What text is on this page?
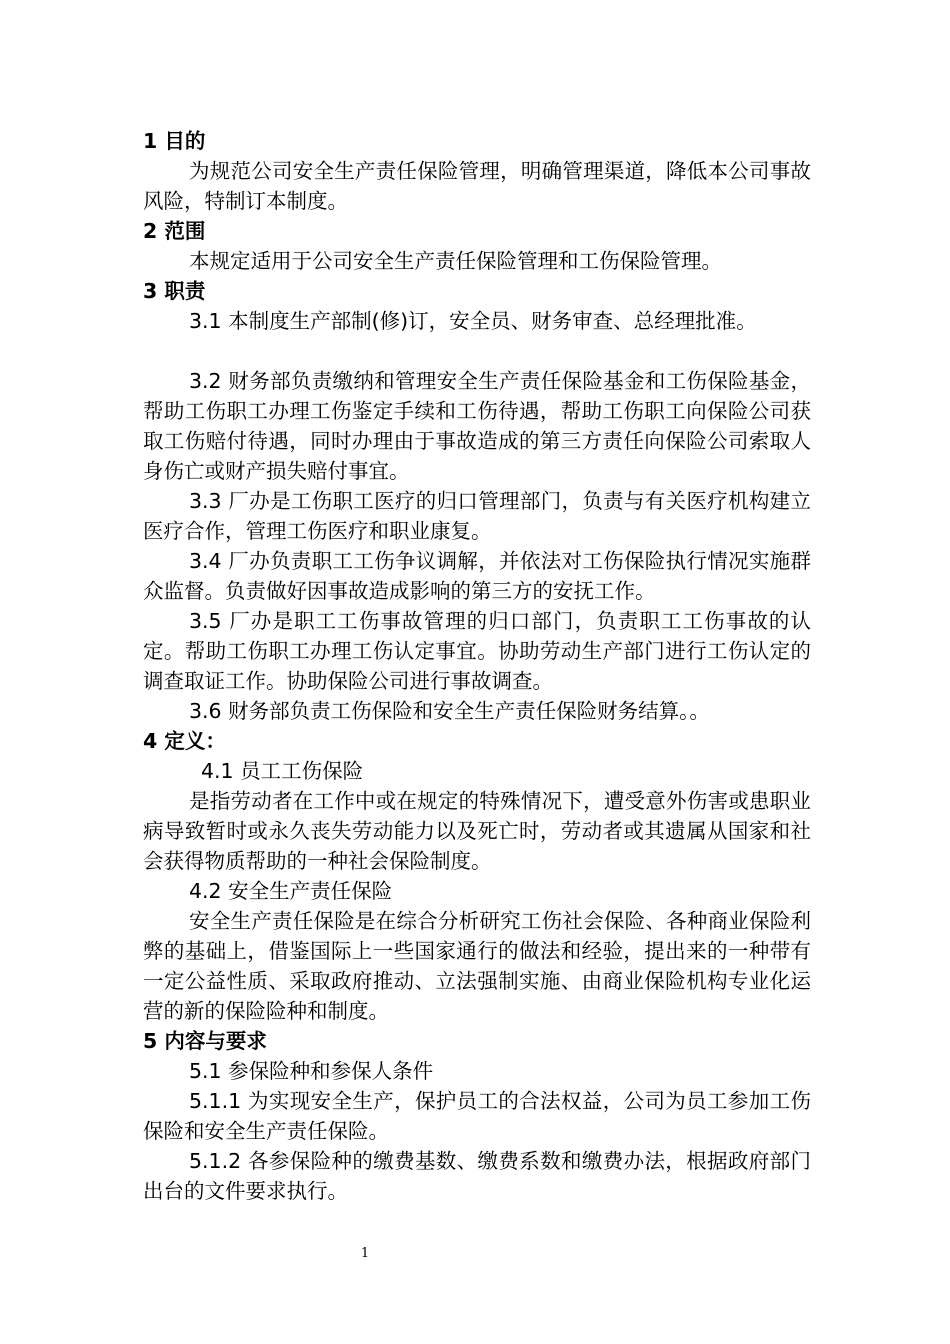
1 目的
为规范公司安全生产责任保险管理，明确管理渠道，降低本公司事故风险，特制订本制度。
2 范围
本规定适用于公司安全生产责任保险管理和工伤保险管理。
3 职责
3.1 本制度生产部制(修)订，安全员、财务审查、总经理批准。
3.2 财务部负责缴纳和管理安全生产责任保险基金和工伤保险基金，帮助工伤职工办理工伤鉴定手续和工伤待遇，帮助工伤职工向保险公司获取工伤赔付待遇，同时办理由于事故造成的第三方责任向保险公司索取人身伤亡或财产损失赔付事宜。
3.3 厂办是工伤职工医疗的归口管理部门，负责与有关医疗机构建立医疗合作，管理工伤医疗和职业康复。
3.4 厂办负责职工工伤争议调解，并依法对工伤保险执行情况实施群众监督。负责做好因事故造成影响的第三方的安抚工作。
3.5 厂办是职工工伤事故管理的归口部门，负责职工工伤事故的认定。帮助工伤职工办理工伤认定事宜。协助劳动生产部门进行工伤认定的调查取证工作。协助保险公司进行事故调查。
3.6 财务部负责工伤保险和安全生产责任保险财务结算。。
4 定义：
4.1 员工工伤保险
是指劳动者在工作中或在规定的特殊情况下，遭受意外伤害或患职业病导致暂时或永久丧失劳动能力以及死亡时，劳动者或其遗属从国家和社会获得物质帮助的一种社会保险制度。
4.2 安全生产责任保险
安全生产责任保险是在综合分析研究工伤社会保险、各种商业保险利弊的基础上，借鉴国际上一些国家通行的做法和经验，提出来的一种带有一定公益性质、采取政府推动、立法强制实施、由商业保险机构专业化运营的新的保险险种和制度。
5 内容与要求
5.1 参保险种和参保人条件
5.1.1 为实现安全生产，保护员工的合法权益，公司为员工参加工伤保险和安全生产责任保险。
5.1.2 各参保险种的缴费基数、缴费系数和缴费办法，根据政府部门出台的文件要求执行。
1
